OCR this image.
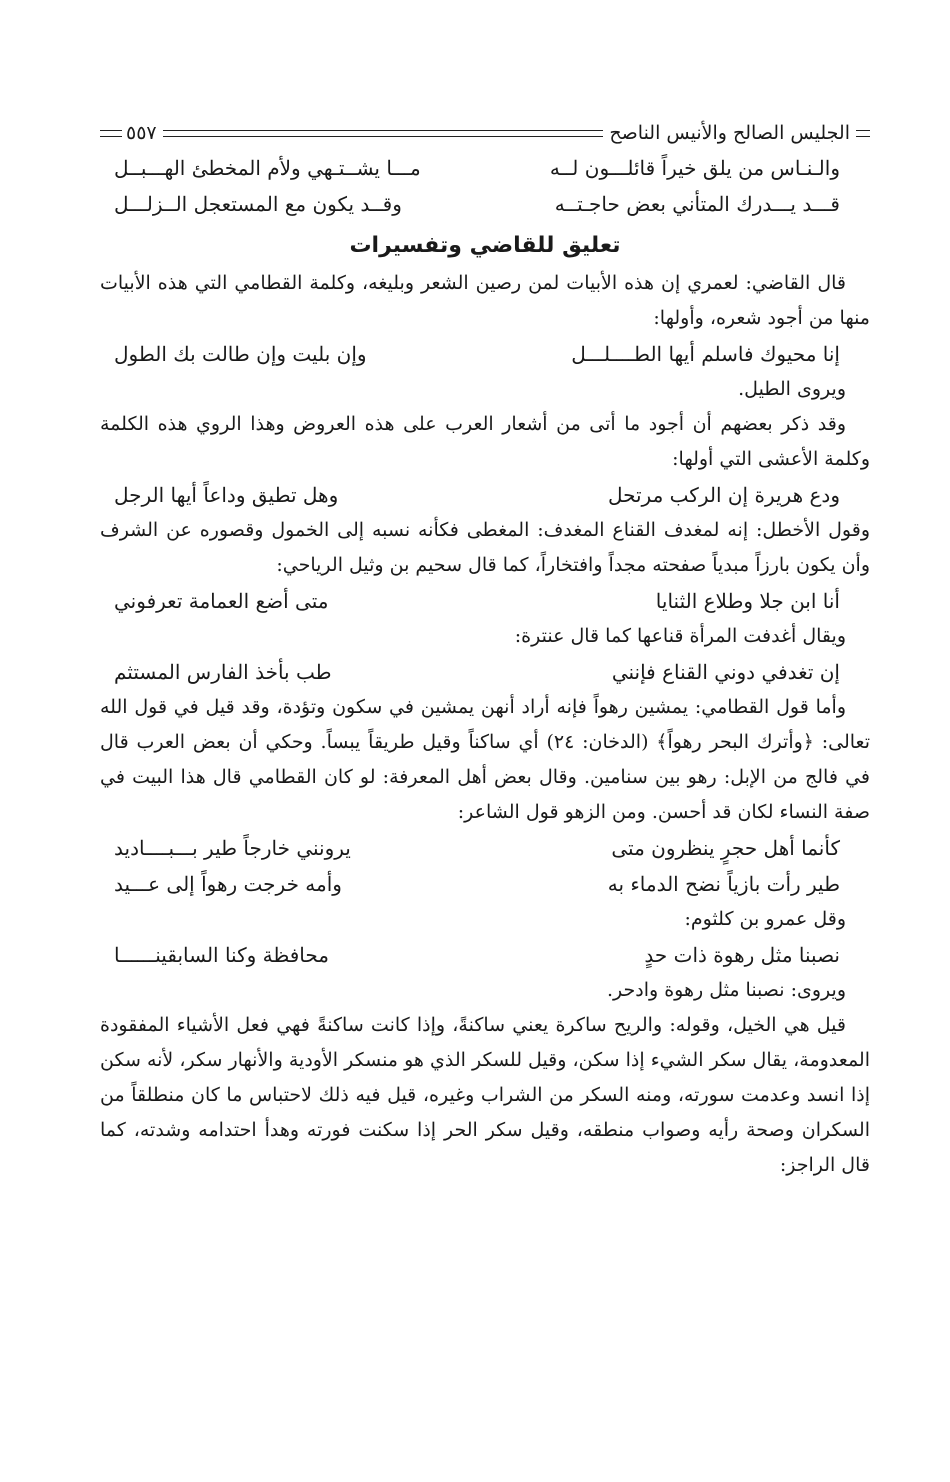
الجليس الصالح والأنيس الناصح
٥٥٧
والـنـاس من يلق خيراً قائلـــون لــه
مـــا يشــتـهي ولأم المخطئ الهـــبــل
قـــد يـــدرك المتأني بعض حاجـتــه
وقــد يكون مع المستعجل الــزلـــل
تعليق للقاضي وتفسيرات

قال القاضي: لعمري إن هذه الأبيات لمن رصين الشعر وبليغه، وكلمة القطامي التي هذه الأبيات منها من أجود شعره، وأولها:

إنا محيوك فاسلم أيها الطــــلـــل
وإن بليت وإن طالت بك الطول

ويروى الطيل.

وقد ذكر بعضهم أن أجود ما أتى من أشعار العرب على هذه العروض وهذا الروي هذه الكلمة وكلمة الأعشى التي أولها:

ودع هريرة إن الركب مرتحل
وهل تطيق وداعاً أيها الرجل

وقول الأخطل: إنه لمغدف القناع المغدف: المغطى فكأنه نسبه إلى الخمول وقصوره عن الشرف وأن يكون بارزاً مبدياً صفحته مجداً وافتخاراً، كما قال سحيم بن وثيل الرياحي:

أنا ابن جلا وطلاع الثنايا
متى أضع العمامة تعرفوني

ويقال أغدفت المرأة قناعها كما قال عنترة:

إن تغدفي دوني القناع فإنني
طب بأخذ الفارس المستثم

وأما قول القطامي: يمشين رهواً فإنه أراد أنهن يمشين في سكون وتؤدة، وقد قيل في قول الله تعالى: ﴿وأترك البحر رهواً﴾ (الدخان: ٢٤) أي ساكناً وقيل طريقاً يبساً. وحكي أن بعض العرب قال في فالج من الإبل: رهو بين سنامين. وقال بعض أهل المعرفة: لو كان القطامي قال هذا البيت في صفة النساء لكان قد أحسن. ومن الزهو قول الشاعر:

كأنما أهل حجرٍ ينظرون متى
يرونني خارجاً طير بـــبــــاديد
طير رأت بازياً نضح الدماء به
وأمه خرجت رهواً إلى عـــيد

وقل عمرو بن كلثوم:

نصبنا مثل رهوة ذات حدٍ
محافظة وكنا السابقينــــــا

ويروى: نصبنا مثل رهوة وادحر.

قيل هي الخيل، وقوله: والريح ساكرة يعني ساكنةً، وإذا كانت ساكنةً فهي فعل الأشياء المفقودة المعدومة، يقال سكر الشيء إذا سكن، وقيل للسكر الذي هو منسكر الأودية والأنهار سكر، لأنه سكن إذا انسد وعدمت سورته، ومنه السكر من الشراب وغيره، قيل فيه ذلك لاحتباس ما كان منطلقاً من السكران وصحة رأيه وصواب منطقه، وقيل سكر الحر إذا سكنت فورته وهدأ احتدامه وشدته، كما قال الراجز:
